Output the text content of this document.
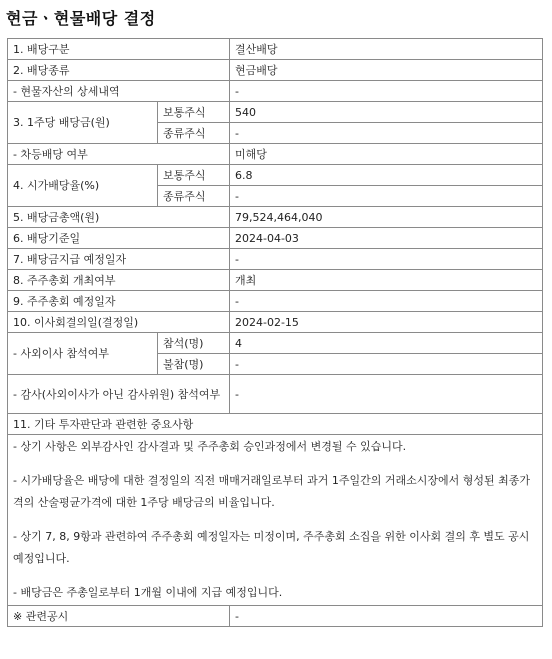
현금ㆍ현물배당 결정
1. 배당구분		결산배당
2. 배당종류		현금배당
- 현물자산의 상세내역		-
3. 1주당 배당금(원)	보통주식	540
	종류주식	-
- 차등배당 여부		미해당
4. 시가배당율(%)	보통주식	6.8
	종류주식	-
5. 배당금총액(원)		79,524,464,040
6. 배당기준일		2024-04-03
7. 배당금지급 예정일자		-
8. 주주총회 개최여부		개최
9. 주주총회 예정일자		-
10. 이사회결의일(결정일)		2024-02-15
- 사외이사 참석여부	참석(명)	4
	불참(명)	-
- 감사(사외이사가 아닌 감사위원) 참석여부		-
11. 기타 투자판단과 관련한 중요사항		

- 상기 사항은 외부감사인 감사결과 및 주주총회 승인과정에서 변경될 수 있습니다.

- 시가배당율은 배당에 대한 결정일의 직전 매매거래일로부터 과거 1주일간의 거래소시장에서 형성된 최종가격의 산술평균가격에 대한 1주당 배당금의 비율입니다.

- 상기 7, 8, 9항과 관련하여 주주총회 예정일자는 미정이며, 주주총회 소집을 위한 이사회 결의 후 별도 공시 예정입니다.

- 배당금은 주총일로부터 1개월 이내에 지급 예정입니다.		

※ 관련공시		-
